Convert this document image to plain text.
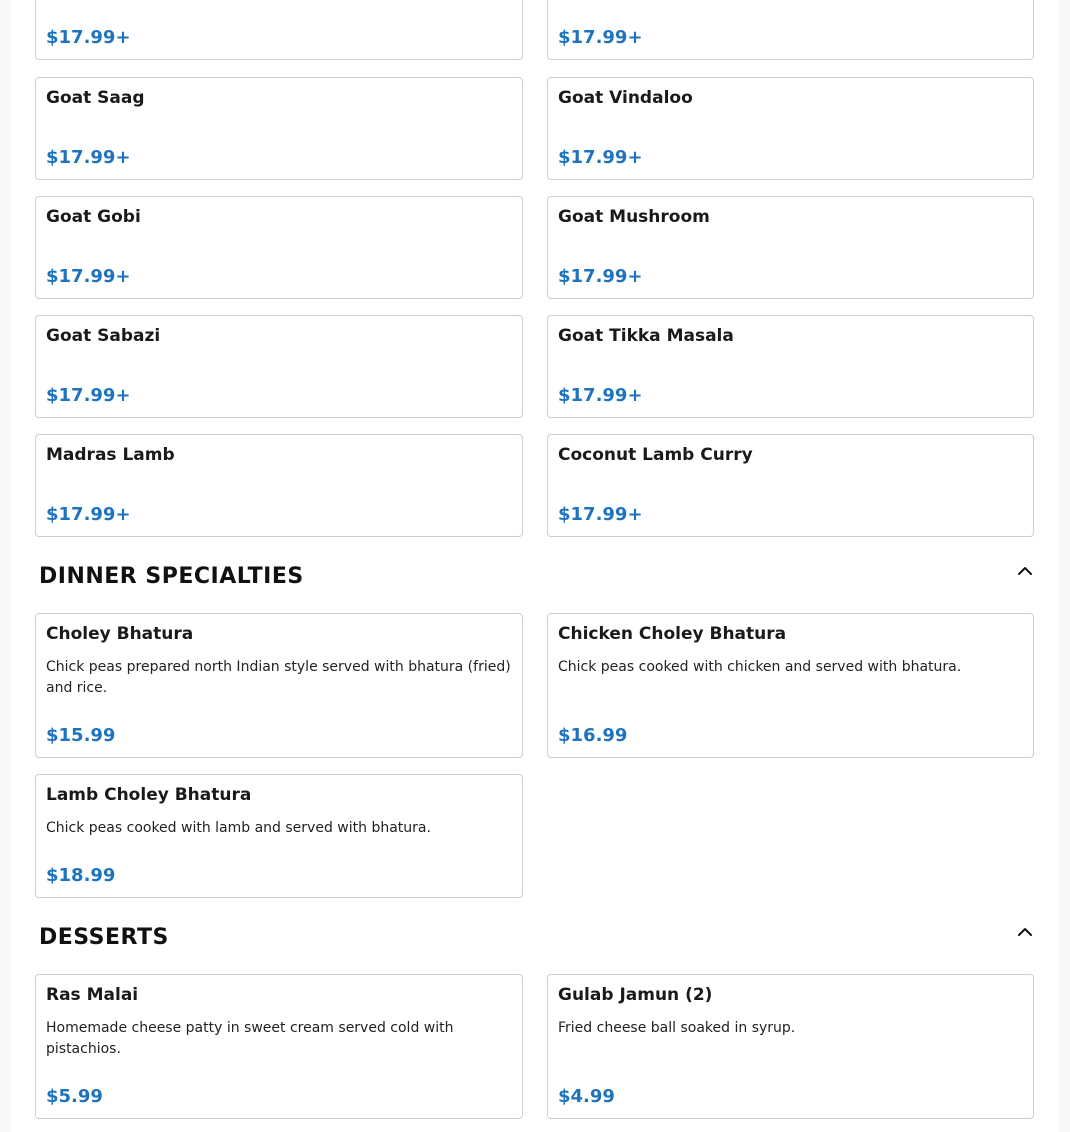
$17.99+	$17.99+
Goat Saag
$17.99+
Goat Vindaloo
$17.99+
Goat Gobi
$17.99+
Goat Mushroom
$17.99+
Goat Sabazi
$17.99+
Goat Tikka Masala
$17.99+
Madras Lamb
$17.99+
Coconut Lamb Curry
$17.99+
DINNER SPECIALTIES
Choley Bhatura
Chick peas prepared north Indian style served with bhatura (fried) and rice.
$15.99
Chicken Choley Bhatura
Chick peas cooked with chicken and served with bhatura.
$16.99
Lamb Choley Bhatura
Chick peas cooked with lamb and served with bhatura.
$18.99
DESSERTS
Ras Malai
Homemade cheese patty in sweet cream served cold with pistachios.
$5.99
Gulab Jamun (2)
Fried cheese ball soaked in syrup.
$4.99
